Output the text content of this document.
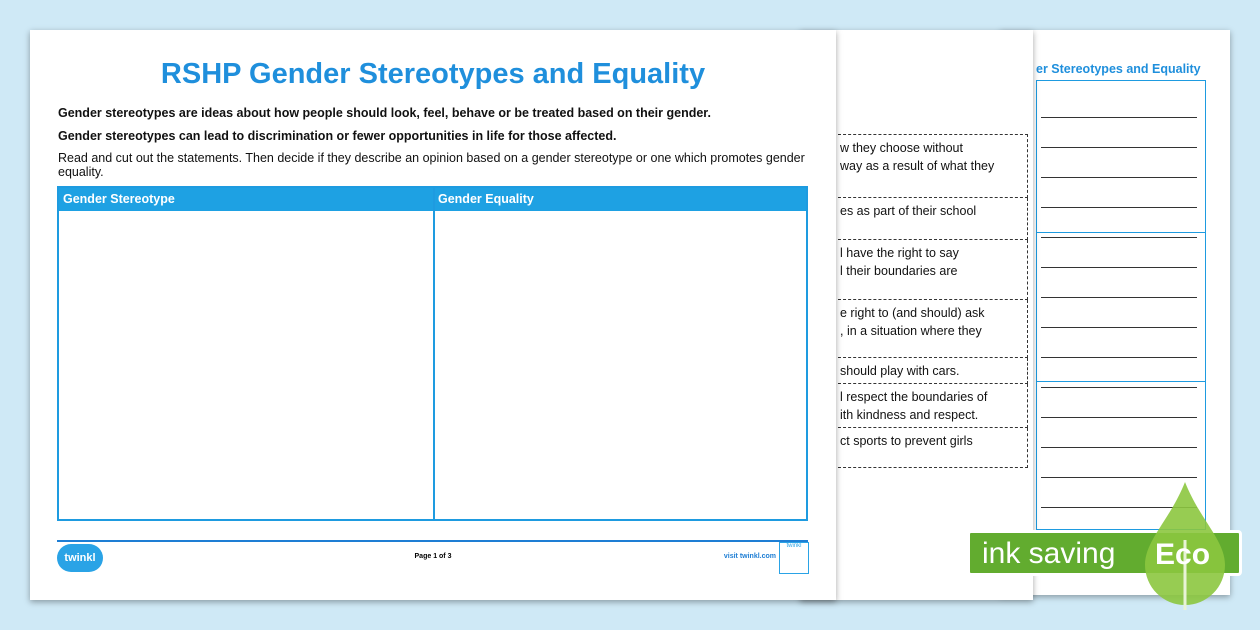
er Stereotypes and Equality
w they choose without
way as a result of what they
es as part of their school
l have the right to say
l their boundaries are
e right to (and should) ask
, in a situation where they
should play with cars.
l respect the boundaries of
ith kindness and respect.
ct sports to prevent girls
RSHP Gender Stereotypes and Equality
Gender stereotypes are ideas about how people should look, feel, behave or be treated based on their gender.
Gender stereotypes can lead to discrimination or fewer opportunities in life for those affected.
Read and cut out the statements. Then decide if they describe an opinion based on a gender stereotype or one which promotes gender equality.
Gender Stereotype	Gender Equality
twinkl	Page 1 of 3	visit twinkl.com
twinkl	ink saving Eco
